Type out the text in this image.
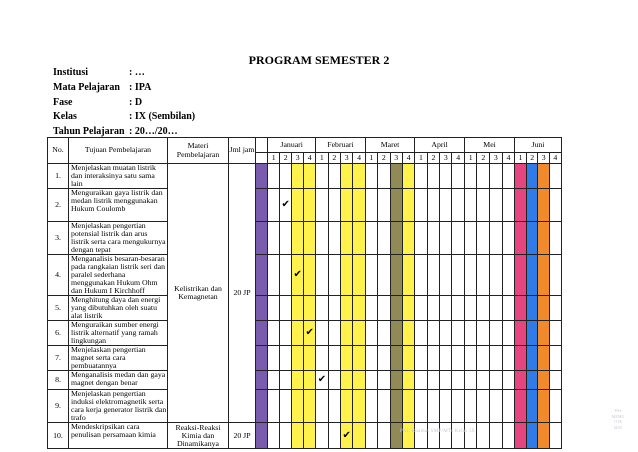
PROGRAM SEMESTER 2
Institusi	: …
Mata Pelajaran : IPA
Fase	: D
Kelas	: IX (Sembilan)
Tahun Pelajaran : 20…/20…
No.	Tujuan Pembelajaran	Materi Pembelajaran	Jml jam		Januari				Februari				Maret				April				Mei				Juni			
					1	2	3	4	1	2	3	4	1	2	3	4	1	2	3	4	1	2	3	4	1	2	3	4
1.	Menjelaskan muatan listrik dan interaksinya satu sama lain	Kelistrikan dan Kemagnetan	20 JP																									
2.	Menguraikan gaya listrik dan medan listrik menggunakan Hukum Coulomb					✔																						
3.	Menjelaskan pengertian potensial listrik dan arus listrik serta cara mengukurnya dengan tepat																											
4.	Menganalisis besaran-besaran pada rangkaian listrik seri dan paralel sederhana menggunakan Hukum Ohm dan Hukum I Kirchhoff						✔																					
5.	Menghitung daya dan energi yang dibutuhkan oleh suatu alat listrik																											
6.	Menguraikan sumber energi listrik alternatif yang ramah lingkungan							✔																				
7.	Menjelaskan pengertian magnet serta cara pembuatannya																											
8.	Menganalisis medan dan gaya magnet dengan benar								✔																			
9.	Menjelaskan pengertian induksi elektromagnetik serta cara kerja generator listrik dan trafo																											
10.	Mendeskripsikan cara penulisan persamaan kimia	Reaksi-Reaksi Kimia dan Dinamikanya	20 JP								✔																	
PAS
MEMU
OTE
MAT
PAI: Rhamat SMP/MTs Kelas IX
